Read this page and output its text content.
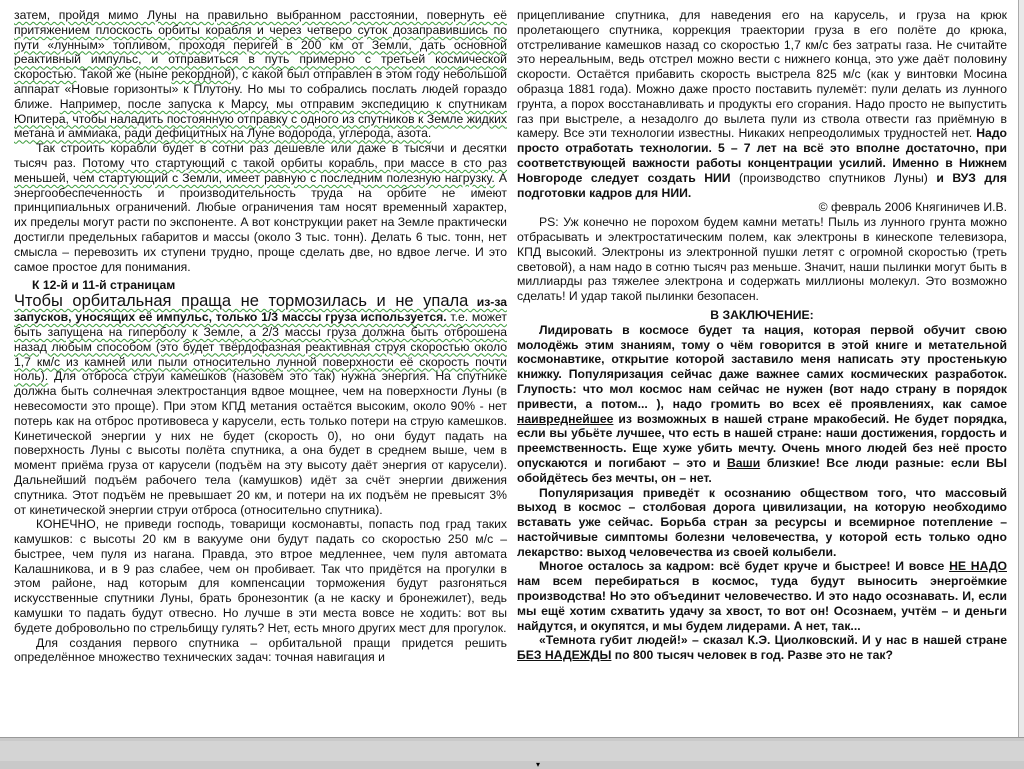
затем, пройдя мимо Луны на правильно выбранном расстоянии, повернуть её притяжением плоскость орбиты корабля и через четверо суток дозаправившись по пути «лунным» топливом, проходя перигей в 200 км от Земли, дать основной реактивный импульс, и отправиться в путь примерно с третьей космической скоростью. Такой же (ныне рекордной), с какой был отправлен в этом году небольшой аппарат «Новые горизонты» к Плутону. Но мы то собрались послать людей гораздо ближе. Например, после запуска к Марсу, мы отправим экспедицию к спутникам Юпитера, чтобы наладить постоянную отправку с одного из спутников к Земле жидких метана и аммиака, ради дефицитных на Луне водорода, углерода, азота.

Так строить корабли будет в сотни раз дешевле или даже в тысячи и десятки тысяч раз. Потому что стартующий с такой орбиты корабль, при массе в сто раз меньшей, чем стартующий с Земли, имеет равную с последним полезную нагрузку. А энергообеспеченность и производительность труда на орбите не имеют принципиальных ограничений. Любые ограничения там носят временный характер, их пределы могут расти по экспоненте. А вот конструкции ракет на Земле практически достигли предельных габаритов и массы (около 3 тыс. тонн). Делать 6 тыс. тонн, нет смысла – перевозить их ступени трудно, проще сделать две, но вдвое легче. И это самое простое для понимания.

К 12-й и 11-й страницам

Чтобы орбитальная праща не тормозилась и не упала из-за запусков, уносящих её импульс, только 1/3 массы груза используется. т.е. может быть запущена на гиперболу к Земле, а 2/3 массы груза должна быть отброшена назад любым способом (это будет твёрдофазная реактивная струя скоростью около 1,7 км/с из камней или пыли относительно лунной поверхности её скорость почти ноль). Для отброса струи камешков (назовём это так) нужна энергия. На спутнике должна быть солнечная электростанция вдвое мощнее, чем на поверхности Луны (в невесомости это проще). При этом КПД метания остаётся высоким, около 90% - нет потерь как на отброс противовеса у карусели, есть только потери на струю камешков. Кинетической энергии у них не будет (скорость 0), но они будут падать на поверхность Луны с высоты полёта спутника, а она будет в среднем выше, чем в момент приёма груза от карусели (подъём на эту высоту даёт энергия от карусели). Дальнейший подъём рабочего тела (камушков) идёт за счёт энергии движения спутника. Этот подъём не превышает 20 км, и потери на их подъём не превысят 3% от кинетической энергии струи отброса (относительно спутника).

КОНЕЧНО, не приведи господь, товарищи космонавты, попасть под град таких камушков: с высоты 20 км в вакууме они будут падать со скоростью 250 м/с – быстрее, чем пуля из нагана. Правда, это втрое медленнее, чем пуля автомата Калашникова, и в 9 раз слабее, чем он пробивает. Так что придётся на прогулки в этом районе, над которым для компенсации торможения будут разгоняться искусственные спутники Луны, брать бронезонтик (а не каску и бронежилет), ведь камушки то падать будут отвесно. Но лучше в эти места вовсе не ходить: вот вы будете добровольно по стрельбищу гулять? Нет, есть много других мест для прогулок.

Для создания первого спутника – орбитальной пращи придется решить определённое множество технических задач: точная навигация и

прицепливание спутника, для наведения его на карусель, и груза на крюк пролетающего спутника, коррекция траектории груза в его полёте до крюка, отстреливание камешков назад со скоростью 1,7 км/с без затраты газа. Не считайте это нереальным, ведь отстрел можно вести с нижнего конца, это уже даёт половину скорости. Остаётся прибавить скорость выстрела 825 м/с (как у винтовки Мосина образца 1881 года). Можно даже просто поставить пулемёт: пули делать из лунного грунта, а порох восстанавливать и продукты его сгорания. Надо просто не выпустить газ при выстреле, а незадолго до вылета пули из ствола отвести газ приёмную в камеру. Все эти технологии известны. Никаких непреодолимых трудностей нет. Надо просто отработать технологии. 5 – 7 лет на всё это вполне достаточно, при соответствующей важности работы концентрации усилий. Именно в Нижнем Новгороде следует создать НИИ (производство спутников Луны) и ВУЗ для подготовки кадров для НИИ.

© февраль 2006 Княгиничев И.В.

PS: Уж конечно не порохом будем камни метать! Пыль из лунного грунта можно отбрасывать и электростатическим полем, как электроны в кинескопе телевизора, КПД высокий. Электроны из электронной пушки летят с огромной скоростью (треть световой), а нам надо в сотню тысяч раз меньше. Значит, наши пылинки могут быть в миллиарды раз тяжелее электрона и содержать миллионы молекул. Это возможно сделать! И удар такой пылинки безопасен.

В ЗАКЛЮЧЕНИЕ:

Лидировать в космосе будет та нация, которая первой обучит свою молодёжь этим знаниям, тому о чём говорится в этой книге и метательной космонавтике, открытие которой заставило меня написать эту простенькую книжку. Популяризация сейчас даже важнее самих космических разработок. Глупость: что мол космос нам сейчас не нужен (вот надо страну в порядок привести, а потом... ), надо громить во всех её проявлениях, как самое наивреднейшее из возможных в нашей стране мракобесий. Не будет порядка, если вы убьёте лучшее, что есть в нашей стране: наши достижения, гордость и преемственность. Еще хуже убить мечту. Очень много людей без неё просто опускаются и погибают – это и Ваши близкие! Все люди разные: если ВЫ обойдётесь без мечты, он – нет.

Популяризация приведёт к осознанию обществом того, что массовый выход в космос – столбовая дорога цивилизации, на которую необходимо вставать уже сейчас. Борьба стран за ресурсы и всемирное потепление – настойчивые симптомы болезни человечества, у которой есть только одно лекарство: выход человечества из своей колыбели.

Многое осталось за кадром: всё будет круче и быстрее! И вовсе НЕ НАДО нам всем перебираться в космос, туда будут выносить энергоёмкие производства! Но это объединит человечество. И это надо осознавать. И, если мы ещё хотим схватить удачу за хвост, то вот он! Осознаем, учтём – и деньги найдутся, и окупятся, и мы будем лидерами. А нет, так...

«Темнота губит людей!» – сказал К.Э. Циолковский. И у нас в нашей стране БЕЗ НАДЕЖДЫ по 800 тысяч человек в год. Разве это не так?

▾
